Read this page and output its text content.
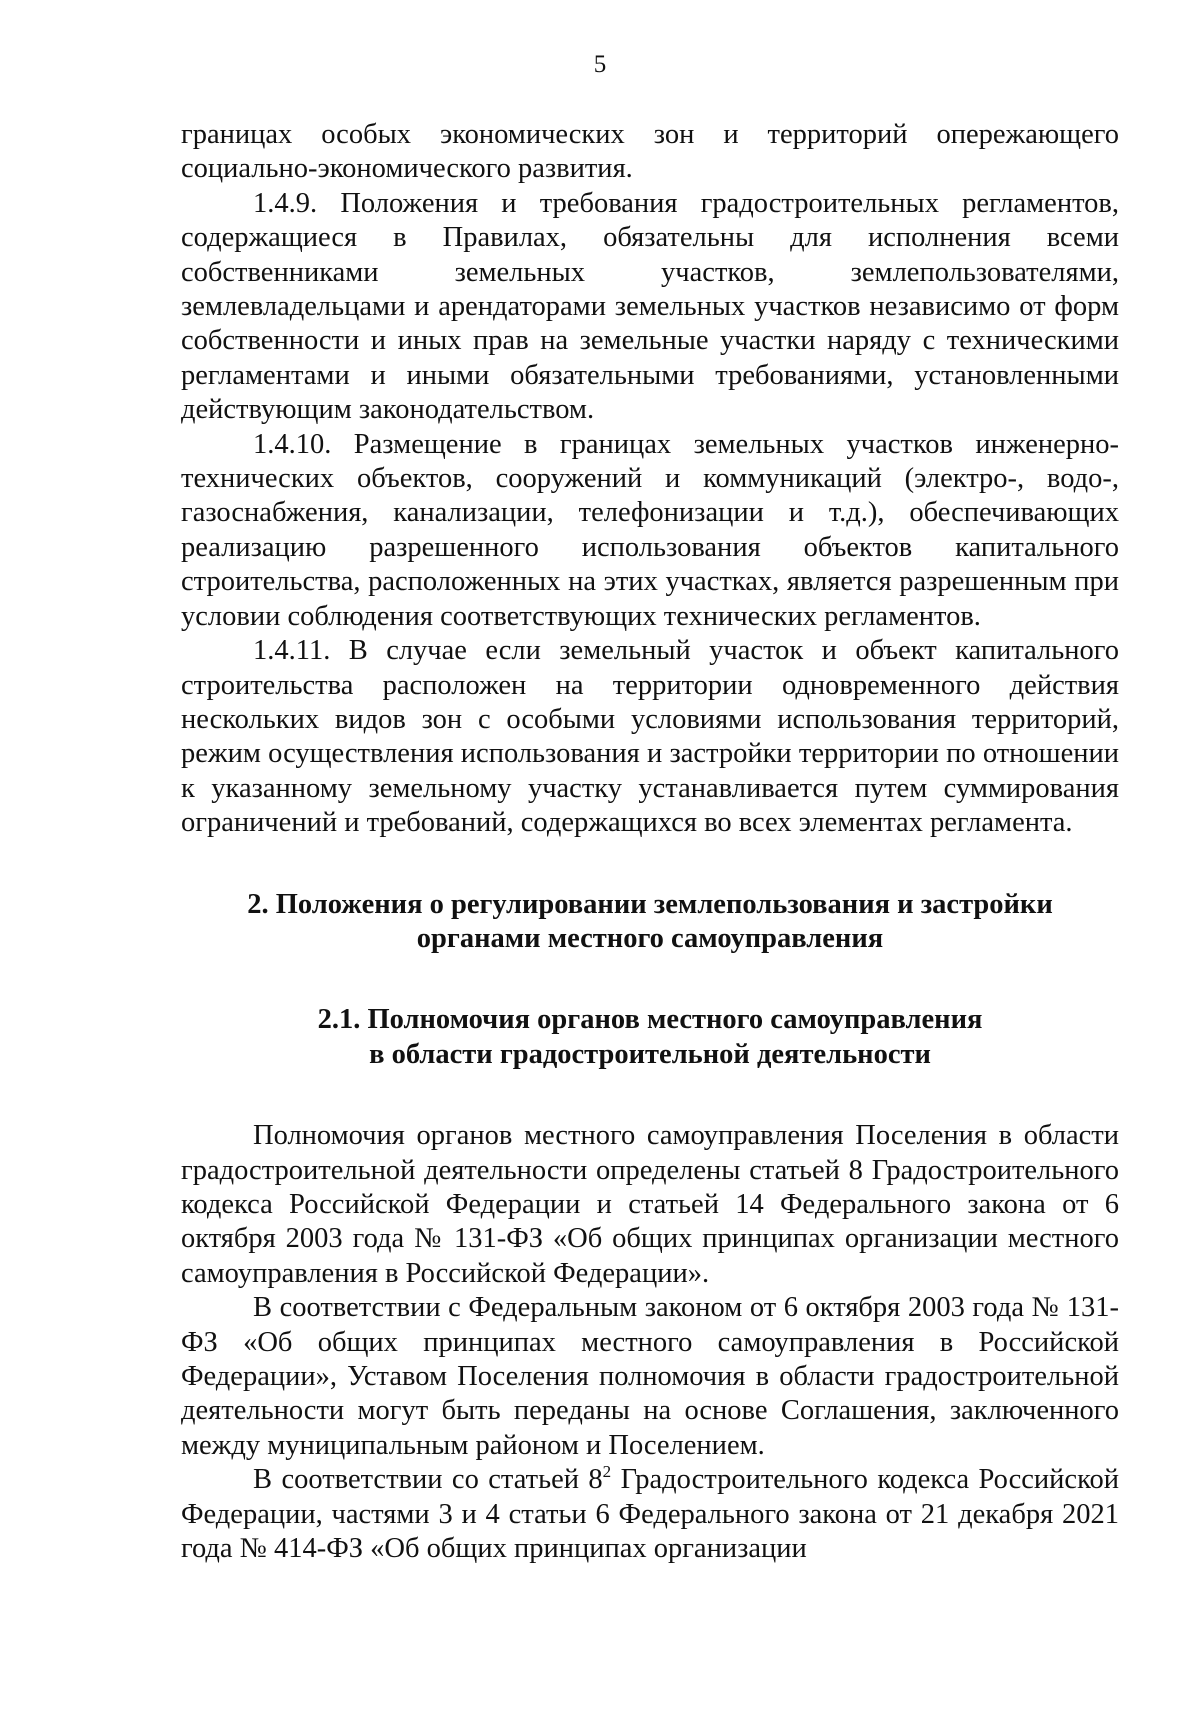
5

границах особых экономических зон и территорий опережающего социально-экономического развития.

1.4.9. Положения и требования градостроительных регламентов, содержащиеся в Правилах, обязательны для исполнения всеми собственниками земельных участков, землепользователями, землевладельцами и арендаторами земельных участков независимо от форм собственности и иных прав на земельные участки наряду с техническими регламентами и иными обязательными требованиями, установленными действующим законодательством.

1.4.10. Размещение в границах земельных участков инженерно-технических объектов, сооружений и коммуникаций (электро-, водо-, газоснабжения, канализации, телефонизации и т.д.), обеспечивающих реализацию разрешенного использования объектов капитального строительства, расположенных на этих участках, является разрешенным при условии соблюдения соответствующих технических регламентов.

1.4.11. В случае если земельный участок и объект капитального строительства расположен на территории одновременного действия нескольких видов зон с особыми условиями использования территорий, режим осуществления использования и застройки территории по отношении к указанному земельному участку устанавливается путем суммирования ограничений и требований, содержащихся во всех элементах регламента.

2. Положения о регулировании землепользования и застройки
органами местного самоуправления
2.1. Полномочия органов местного самоуправления
в области градостроительной деятельности

Полномочия органов местного самоуправления Поселения в области градостроительной деятельности определены статьей 8 Градостроительного кодекса Российской Федерации и статьей 14 Федерального закона от 6 октября 2003 года № 131-ФЗ «Об общих принципах организации местного самоуправления в Российской Федерации».

В соответствии с Федеральным законом от 6 октября 2003 года № 131-ФЗ «Об общих принципах местного самоуправления в Российской Федерации», Уставом Поселения полномочия в области градостроительной деятельности могут быть переданы на основе Соглашения, заключенного между муниципальным районом и Поселением.

В соответствии со статьей $8^2$ Градостроительного кодекса Российской Федерации, частями 3 и 4 статьи 6 Федерального закона от 21 декабря 2021 года № 414-ФЗ «Об общих принципах организации
